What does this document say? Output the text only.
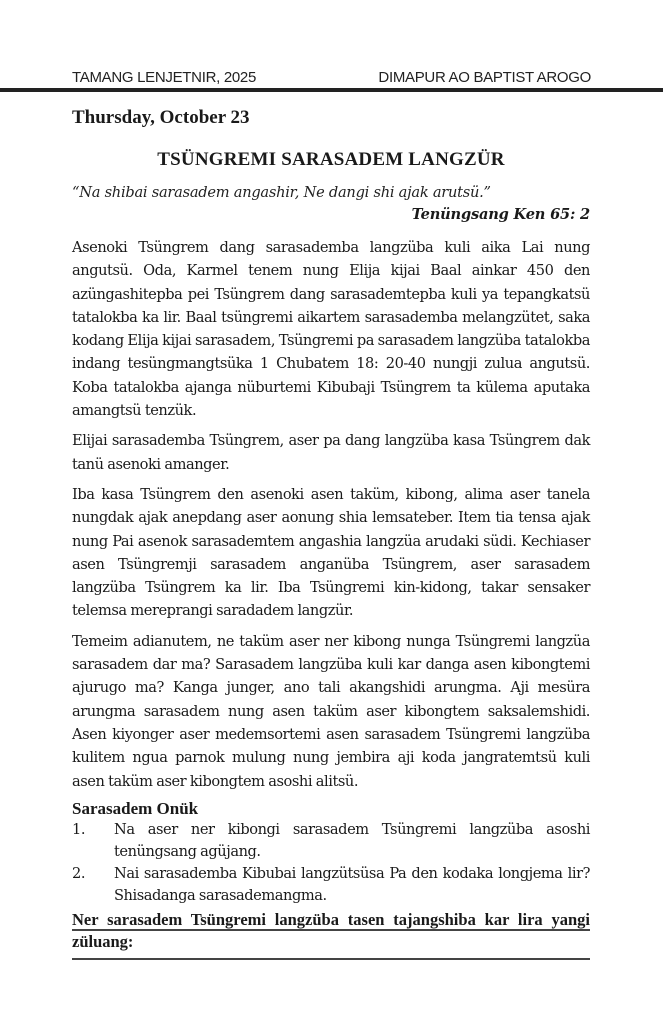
TAMANG LENJETNIR, 2025	DIMAPUR AO BAPTIST AROGO
Thursday, October 23
TSÜNGREMI SARASADEM LANGZÜR

“Na shibai sarasadem angashir, Ne dangi shi ajak arutsü.”

Tenüngsang Ken 65: 2

Asenoki Tsüngrem dang sarasademba langzüba kuli aika Lai nung angutsü. Oda, Karmel tenem nung Elija kijai Baal ainkar 450 den azüngashitepba pei Tsüngrem dang sarasademtepba kuli ya tepangkatsü tatalokba ka lir. Baal tsüngremi aikartem sarasademba melangzütet, saka kodang Elija kijai sarasadem, Tsüngremi pa sarasadem langzüba tatalokba indang tesüngmangtsüka 1 Chubatem 18: 20-40 nungji zulua angutsü. Koba tatalokba ajanga nüburtemi Kibubaji Tsüngrem ta külema aputaka amangtsü tenzük.

Elijai sarasademba Tsüngrem, aser pa dang langzüba kasa Tsüngrem dak tanü asenoki amanger.

Iba kasa Tsüngrem den asenoki asen taküm, kibong, alima aser tanela nungdak ajak anepdang aser aonung shia lemsateber. Item tia tensa ajak nung Pai asenok sarasademtem angashia langzüa arudaki südi. Kechiaser asen Tsüngremji sarasadem anganüba Tsüngrem, aser sarasadem langzüba Tsüngrem ka lir. Iba Tsüngremi kin-kidong, takar sensaker telemsa mereprangi saradadem langzür.

Temeim adianutem, ne taküm aser ner kibong nunga Tsüngremi langzüa sarasadem dar ma? Sarasadem langzüba kuli kar danga asen kibongtemi ajurugo ma? Kanga junger, ano tali akangshidi arungma. Aji mesüra arungma sarasadem nung asen taküm aser kibongtem saksalemshidi. Asen kiyonger aser medemsortemi asen sarasadem Tsüngremi langzüba kulitem ngua parnok mulung nung jembira aji koda jangratemtsü kuli asen taküm aser kibongtem asoshi alitsü.

Sarasadem Onük
1.	Na aser ner kibongi sarasadem Tsüngremi langzüba asoshi tenüngsang agüjang.
2.	Nai sarasademba Kibubai langzütsüsa Pa den kodaka longjema lir? Shisadanga sarasademangma.

Ner sarasadem Tsüngremi langzüba tasen tajangshiba kar lira yangi züluang:
